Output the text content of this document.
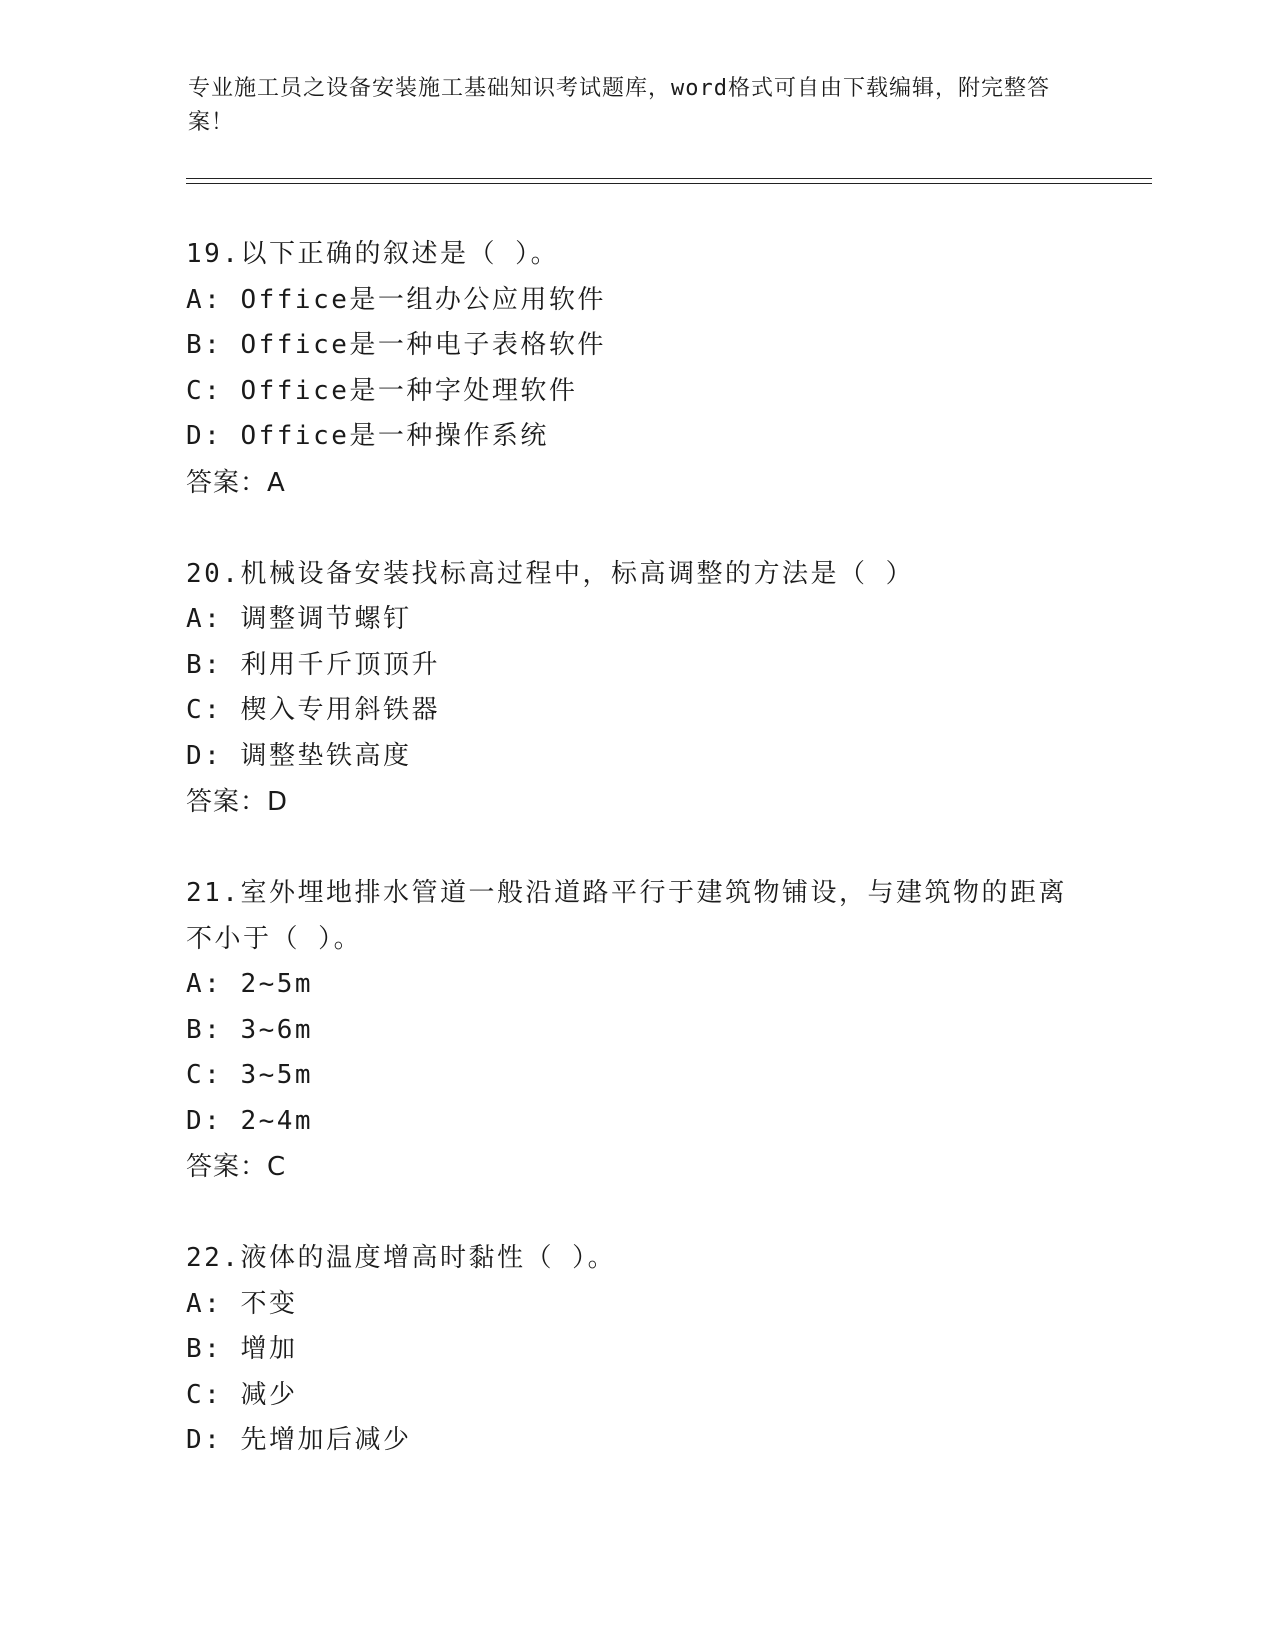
专业施工员之设备安装施工基础知识考试题库，word格式可自由下载编辑，附完整答案！

19.以下正确的叙述是（ ）。

A: Office是一组办公应用软件

B: Office是一种电子表格软件

C: Office是一种字处理软件

D: Office是一种操作系统

答案：A

20.机械设备安装找标高过程中，标高调整的方法是（ ）

A: 调整调节螺钉

B: 利用千斤顶顶升

C: 楔入专用斜铁器

D: 调整垫铁高度

答案：D

21.室外埋地排水管道一般沿道路平行于建筑物铺设，与建筑物的距离不小于（ ）。

A: 2~5m

B: 3~6m

C: 3~5m

D: 2~4m

答案：C

22.液体的温度增高时黏性（ ）。

A: 不变

B: 增加

C: 减少

D: 先增加后减少
